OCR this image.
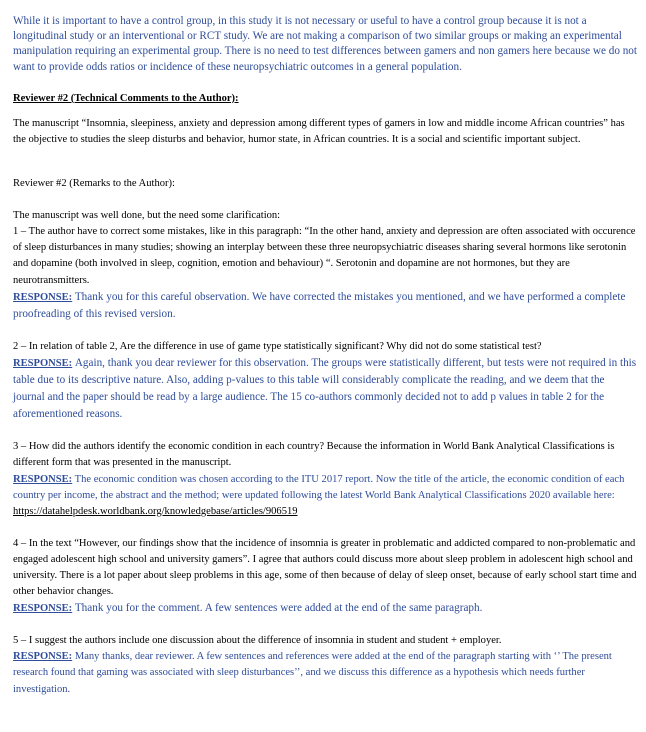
While it is important to have a control group, in this study it is not necessary or useful to have a control group because it is not a longitudinal study or an interventional or RCT study. We are not making a comparison of two similar groups or making an experimental manipulation requiring an experimental group. There is no need to test differences between gamers and non gamers here because we do not want to provide odds ratios or incidence of these neuropsychiatric outcomes in a general population.

Reviewer #2 (Technical Comments to the Author):

The manuscript “Insomnia, sleepiness, anxiety and depression among different types of gamers in low and middle income African countries” has the objective to studies the sleep disturbs and behavior, humor state, in African countries. It is a social and scientific important subject.

Reviewer #2 (Remarks to the Author):

The manuscript was well done, but the need some clarification:

1 – The author have to correct some mistakes, like in this paragraph: “In the other hand, anxiety and depression are often associated with occurence of sleep disturbances in many studies; showing an interplay between these three neuropsychiatric diseases sharing several hormons like serotonin and dopamine (both involved in sleep, cognition, emotion and behaviour) “. Serotonin and dopamine are not hormones, but they are neurotransmitters.

RESPONSE: Thank you for this careful observation. We have corrected the mistakes you mentioned, and we have performed a complete proofreading of this revised version.

2 – In relation of table 2, Are the difference in use of game type statistically significant? Why did not do some statistical test?

RESPONSE: Again, thank you dear reviewer for this observation. The groups were statistically different, but tests were not required in this table due to its descriptive nature. Also, adding p-values to this table will considerably complicate the reading, and we deem that the journal and the paper should be read by a large audience. The 15 co-authors commonly decided not to add p values in table 2 for the aforementioned reasons.

3 – How did the authors identify the economic condition in each country? Because the information in World Bank Analytical Classifications is different form that was presented in the manuscript.

RESPONSE: The economic condition was chosen according to the ITU 2017 report. Now the title of the article, the economic condition of each country per income, the abstract and the method; were updated following the latest World Bank Analytical Classifications 2020 available here: https://datahelpdesk.worldbank.org/knowledgebase/articles/906519

4 – In the text “However, our findings show that the incidence of insomnia is greater in problematic and addicted compared to non-problematic and engaged adolescent high school and university gamers”. I agree that authors could discuss more about sleep problem in adolescent high school and university. There is a lot paper about sleep problems in this age, some of then because of delay of sleep onset, because of early school start time and other behavior changes.

RESPONSE: Thank you for the comment. A few sentences were added at the end of the same paragraph.

5 – I suggest the authors include one discussion about the difference of insomnia in student and student + employer.

RESPONSE: Many thanks, dear reviewer. A few sentences and references were added at the end of the paragraph starting with ‘’ The present research found that gaming was associated with sleep disturbances’’, and we discuss this difference as a hypothesis which needs further investigation.
